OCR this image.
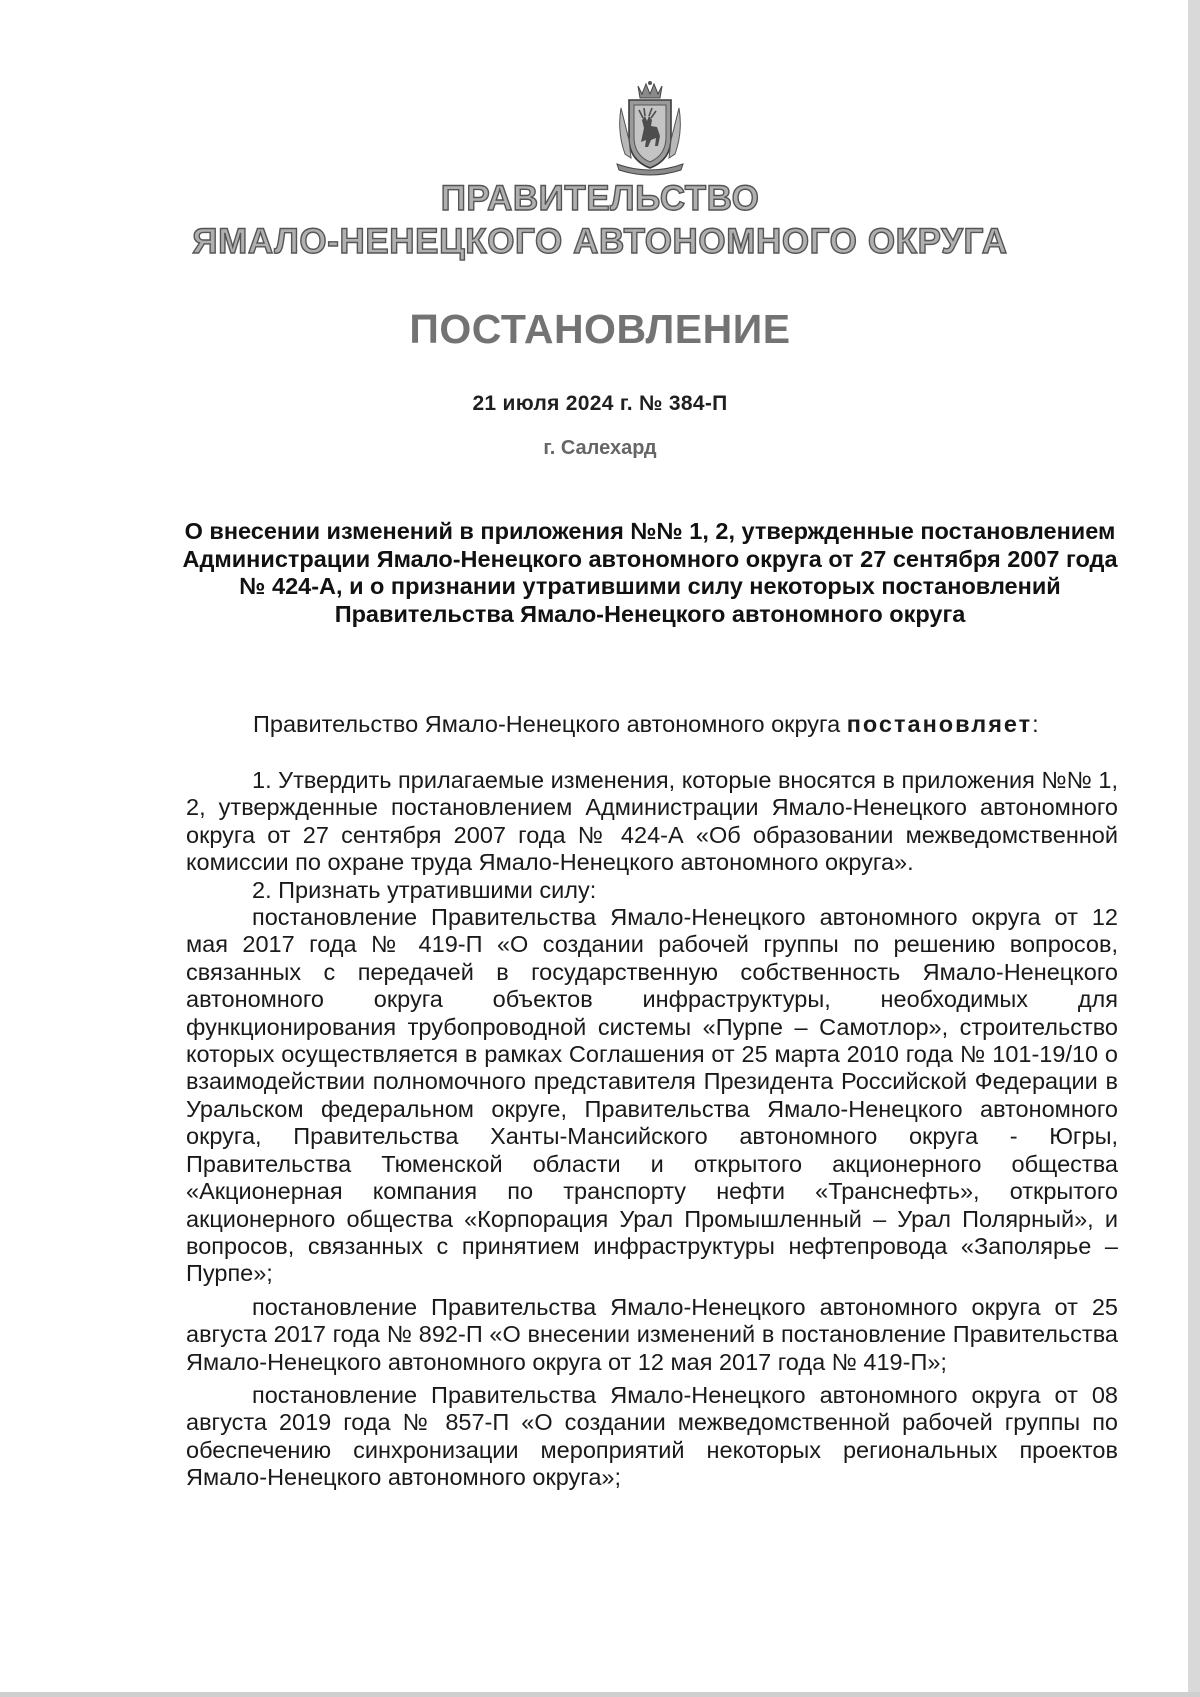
ПРАВИТЕЛЬСТВО
ЯМАЛО-НЕНЕЦКОГО АВТОНОМНОГО ОКРУГА
ПОСТАНОВЛЕНИЕ
21 июля 2024 г. № 384-П
г. Салехард
О внесении изменений в приложения №№ 1, 2, утвержденные постановлением Администрации Ямало-Ненецкого автономного округа от 27 сентября 2007 года № 424-А, и о признании утратившими силу некоторых постановлений Правительства Ямало-Ненецкого автономного округа
Правительство Ямало-Ненецкого автономного округа постановляет:

1. Утвердить прилагаемые изменения, которые вносятся в приложения №№ 1, 2, утвержденные постановлением Администрации Ямало-Ненецкого автономного округа от 27 сентября 2007 года № 424-А «Об образовании межведомственной комиссии по охране труда Ямало-Ненецкого автономного округа».

2. Признать утратившими силу:

постановление Правительства Ямало-Ненецкого автономного округа от 12 мая 2017 года № 419-П «О создании рабочей группы по решению вопросов, связанных с передачей в государственную собственность Ямало-Ненецкого автономного округа объектов инфраструктуры, необходимых для функционирования трубопроводной системы «Пурпе – Самотлор», строительство которых осуществляется в рамках Соглашения от 25 марта 2010 года № 101-19/10 о взаимодействии полномочного представителя Президента Российской Федерации в Уральском федеральном округе, Правительства Ямало-Ненецкого автономного округа, Правительства Ханты-Мансийского автономного округа - Югры, Правительства Тюменской области и открытого акционерного общества «Акционерная компания по транспорту нефти «Транснефть», открытого акционерного общества «Корпорация Урал Промышленный – Урал Полярный», и вопросов, связанных с принятием инфраструктуры нефтепровода «Заполярье – Пурпе»;

постановление Правительства Ямало-Ненецкого автономного округа от 25 августа 2017 года № 892-П «О внесении изменений в постановление Правительства Ямало-Ненецкого автономного округа от 12 мая 2017 года № 419-П»;

постановление Правительства Ямало-Ненецкого автономного округа от 08 августа 2019 года № 857-П «О создании межведомственной рабочей группы по обеспечению синхронизации мероприятий некоторых региональных проектов Ямало-Ненецкого автономного округа»;
